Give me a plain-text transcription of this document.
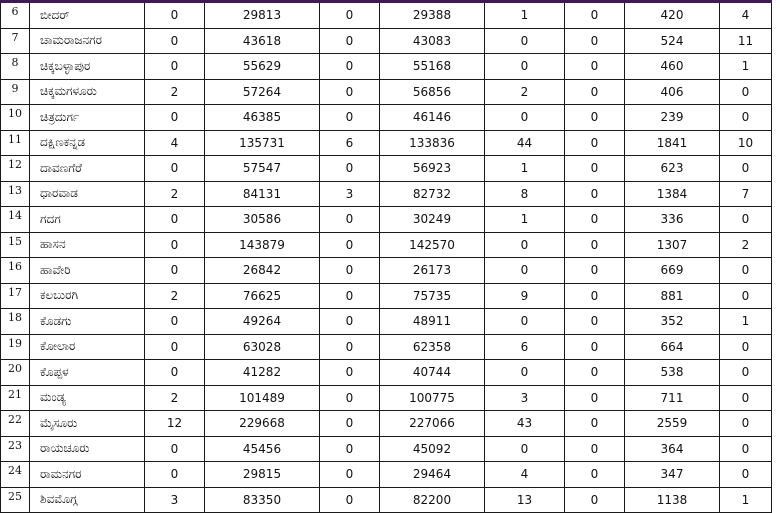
6	ಬೀದರ್	0	29813	0	29388	1	0	420	4
7	ಚಾಮರಾಜನಗರ	0	43618	0	43083	0	0	524	11
8	ಚಿಕ್ಕಬಳ್ಳಾಪುರ	0	55629	0	55168	0	0	460	1
9	ಚಿಕ್ಕಮಗಳೂರು	2	57264	0	56856	2	0	406	0
10	ಚಿತ್ರದುರ್ಗ	0	46385	0	46146	0	0	239	0
11	ದಕ್ಷಿಣಕನ್ನಡ	4	135731	6	133836	44	0	1841	10
12	ದಾವಣಗೆರೆ	0	57547	0	56923	1	0	623	0
13	ಧಾರವಾಡ	2	84131	3	82732	8	0	1384	7
14	ಗದಗ	0	30586	0	30249	1	0	336	0
15	ಹಾಸನ	0	143879	0	142570	0	0	1307	2
16	ಹಾವೇರಿ	0	26842	0	26173	0	0	669	0
17	ಕಲಬುರಗಿ	2	76625	0	75735	9	0	881	0
18	ಕೊಡಗು	0	49264	0	48911	0	0	352	1
19	ಕೋಲಾರ	0	63028	0	62358	6	0	664	0
20	ಕೊಪ್ಪಳ	0	41282	0	40744	0	0	538	0
21	ಮಂಡ್ಯ	2	101489	0	100775	3	0	711	0
22	ಮೈಸೂರು	12	229668	0	227066	43	0	2559	0
23	ರಾಯಚೂರು	0	45456	0	45092	0	0	364	0
24	ರಾಮನಗರ	0	29815	0	29464	4	0	347	0
25	ಶಿವಮೊಗ್ಗ	3	83350	0	82200	13	0	1138	1
